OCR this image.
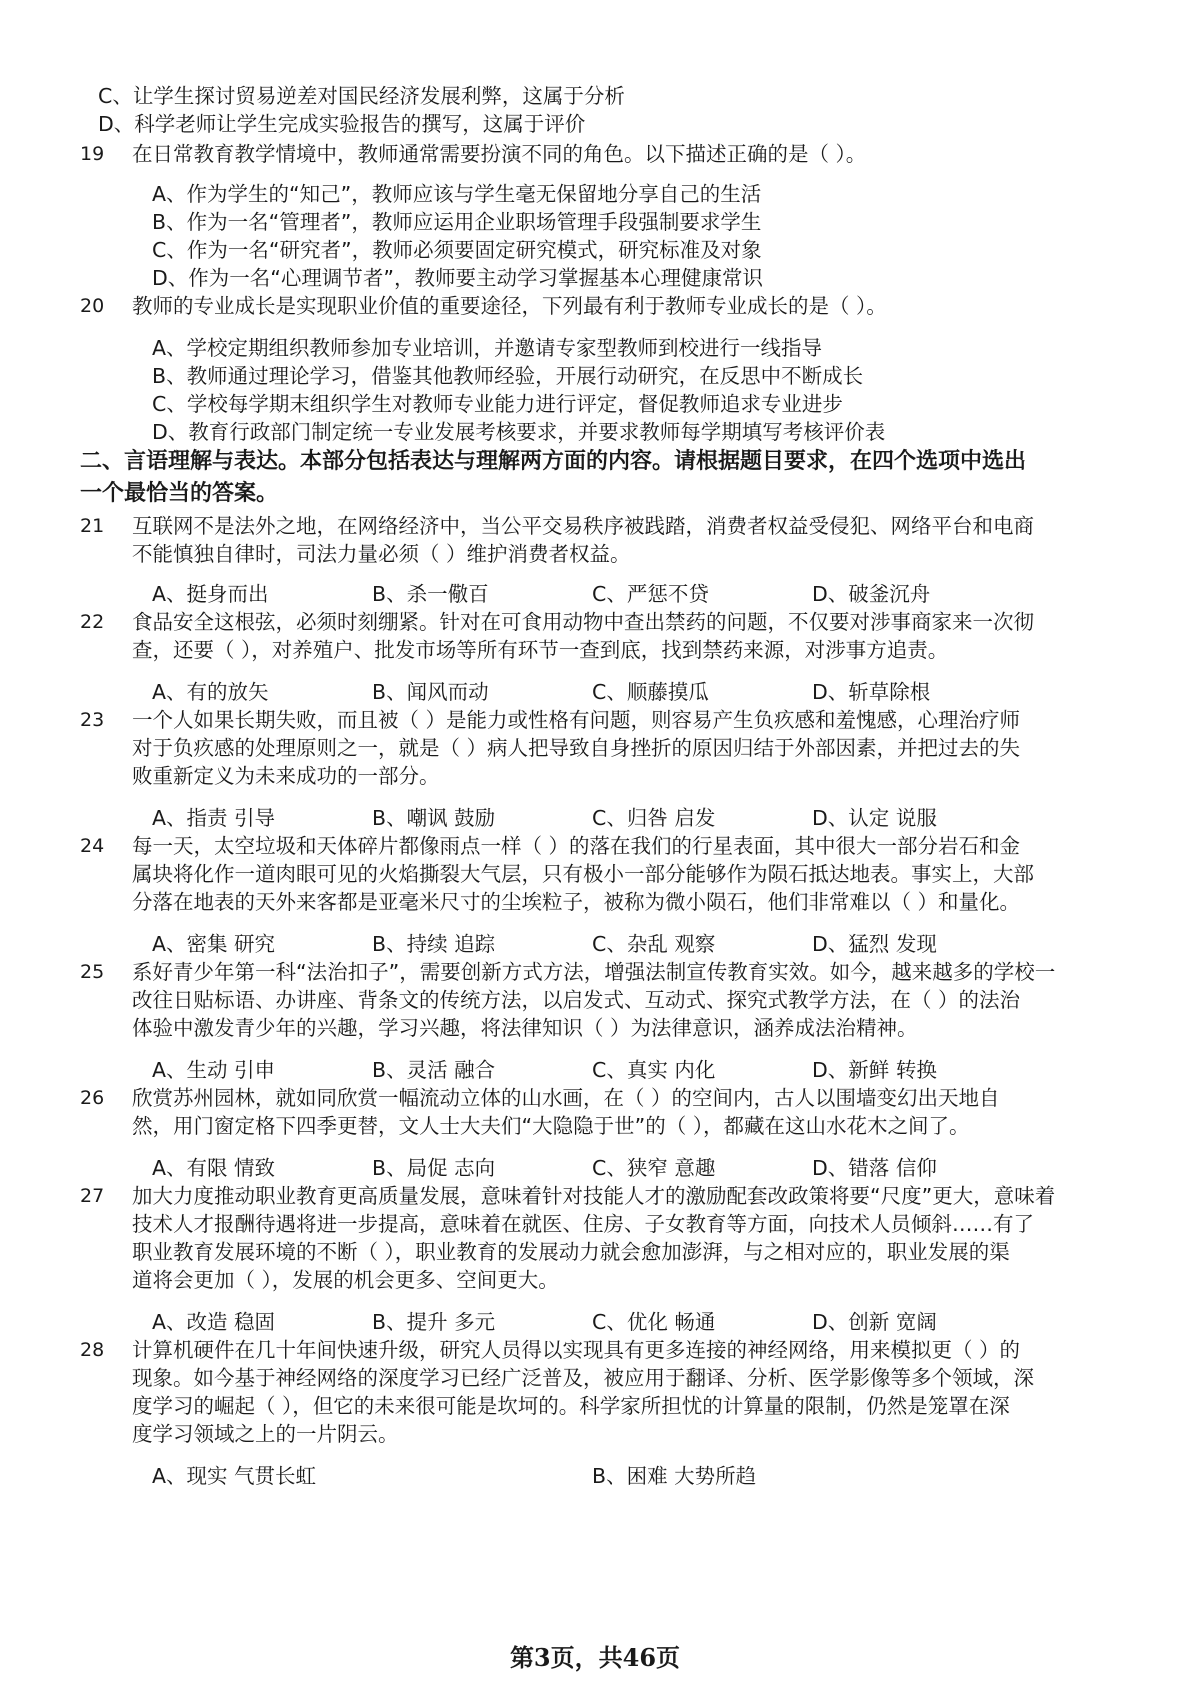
C、让学生探讨贸易逆差对国民经济发展利弊，这属于分析
D、科学老师让学生完成实验报告的撰写，这属于评价
19 在日常教育教学情境中，教师通常需要扮演不同的角色。以下描述正确的是（ ）。
A、作为学生的“知己”，教师应该与学生毫无保留地分享自己的生活
B、作为一名“管理者”，教师应运用企业职场管理手段强制要求学生
C、作为一名“研究者”，教师必须要固定研究模式，研究标准及对象
D、作为一名“心理调节者”，教师要主动学习掌握基本心理健康常识
20 教师的专业成长是实现职业价值的重要途径，下列最有利于教师专业成长的是（ ）。
A、学校定期组织教师参加专业培训，并邀请专家型教师到校进行一线指导
B、教师通过理论学习，借鉴其他教师经验，开展行动研究，在反思中不断成长
C、学校每学期末组织学生对教师专业能力进行评定，督促教师追求专业进步
D、教育行政部门制定统一专业发展考核要求，并要求教师每学期填写考核评价表
二、言语理解与表达。本部分包括表达与理解两方面的内容。请根据题目要求，在四个选项中选出
一个最恰当的答案。
21 互联网不是法外之地，在网络经济中，当公平交易秩序被践踏，消费者权益受侵犯、网络平台和电商
不能慎独自律时，司法力量必须（ ）维护消费者权益。
A、挺身而出	B、杀一儆百	C、严惩不贷	D、破釜沉舟
22 食品安全这根弦，必须时刻绷紧。针对在可食用动物中查出禁药的问题，不仅要对涉事商家来一次彻
查，还要（ ），对养殖户、批发市场等所有环节一查到底，找到禁药来源，对涉事方追责。
A、有的放矢	B、闻风而动	C、顺藤摸瓜	D、斩草除根
23 一个人如果长期失败，而且被（ ）是能力或性格有问题，则容易产生负疚感和羞愧感，心理治疗师
对于负疚感的处理原则之一，就是（ ）病人把导致自身挫折的原因归结于外部因素，并把过去的失
败重新定义为未来成功的一部分。
A、指责 引导	B、嘲讽 鼓励	C、归咎 启发	D、认定 说服
24 每一天，太空垃圾和天体碎片都像雨点一样（ ）的落在我们的行星表面，其中很大一部分岩石和金
属块将化作一道肉眼可见的火焰撕裂大气层，只有极小一部分能够作为陨石抵达地表。事实上，大部
分落在地表的天外来客都是亚毫米尺寸的尘埃粒子，被称为微小陨石，他们非常难以（ ）和量化。
A、密集 研究	B、持续 追踪	C、杂乱 观察	D、猛烈 发现
25 系好青少年第一科“法治扣子”，需要创新方式方法，增强法制宣传教育实效。如今，越来越多的学校一
改往日贴标语、办讲座、背条文的传统方法，以启发式、互动式、探究式教学方法，在（ ）的法治
体验中激发青少年的兴趣，学习兴趣，将法律知识（ ）为法律意识，涵养成法治精神。
A、生动 引申	B、灵活 融合	C、真实 内化	D、新鲜 转换
26 欣赏苏州园林，就如同欣赏一幅流动立体的山水画，在（ ）的空间内，古人以围墙变幻出天地自
然，用门窗定格下四季更替，文人士大夫们“大隐隐于世”的（ ），都藏在这山水花木之间了。
A、有限 情致	B、局促 志向	C、狭窄 意趣	D、错落 信仰
27 加大力度推动职业教育更高质量发展，意味着针对技能人才的激励配套改政策将要“尺度”更大，意味着
技术人才报酬待遇将进一步提高，意味着在就医、住房、子女教育等方面，向技术人员倾斜……有了
职业教育发展环境的不断（ ），职业教育的发展动力就会愈加澎湃，与之相对应的，职业发展的渠
道将会更加（ ），发展的机会更多、空间更大。
A、改造 稳固	B、提升 多元	C、优化 畅通	D、创新 宽阔
28 计算机硬件在几十年间快速升级，研究人员得以实现具有更多连接的神经网络，用来模拟更（ ）的
现象。如今基于神经网络的深度学习已经广泛普及，被应用于翻译、分析、医学影像等多个领域，深
度学习的崛起（ ），但它的未来很可能是坎坷的。科学家所担忧的计算量的限制，仍然是笼罩在深
度学习领域之上的一片阴云。
A、现实 气贯长虹	B、困难 大势所趋
第3页，共46页
